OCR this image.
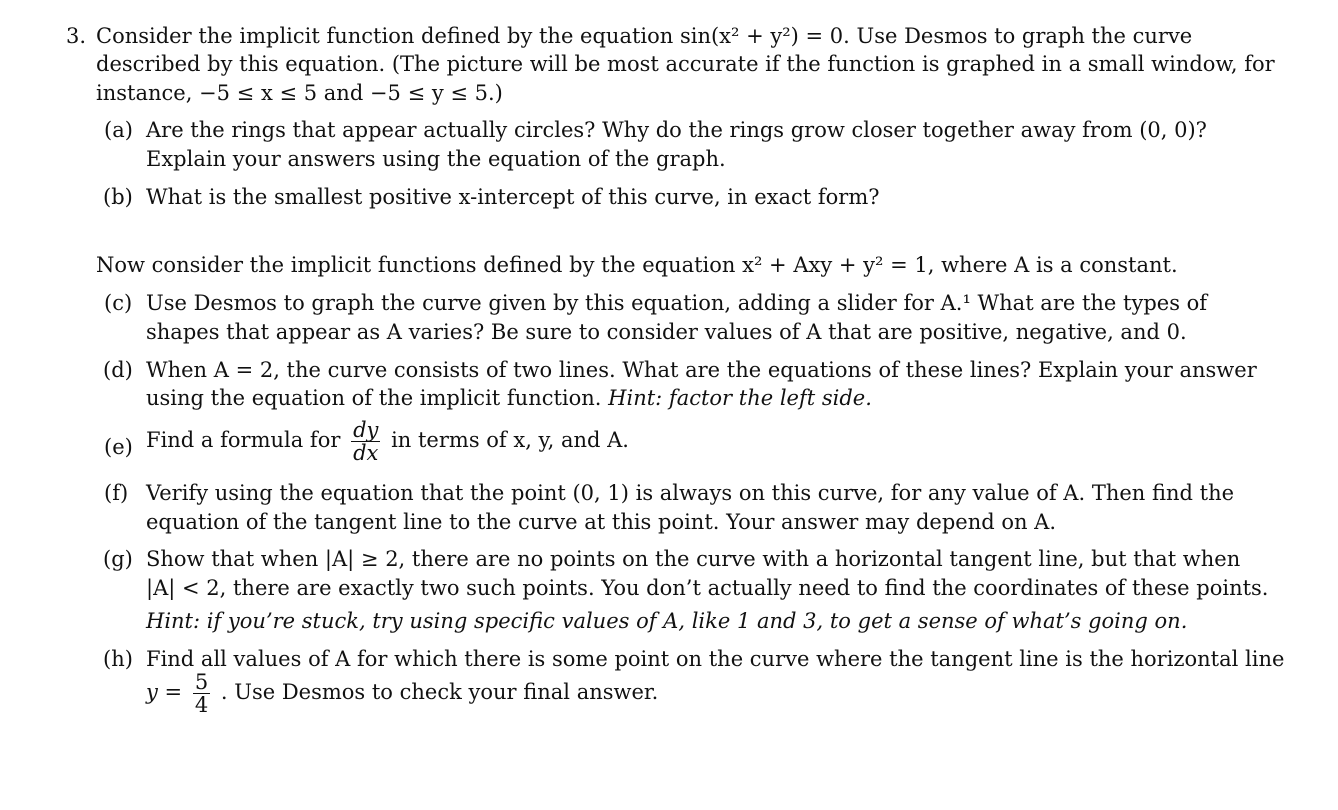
3. Consider the implicit function defined by the equation sin(x² + y²) = 0. Use Desmos to graph the curve
described by this equation. (The picture will be most accurate if the function is graphed in a small window, for
instance, −5 ≤ x ≤ 5 and −5 ≤ y ≤ 5.)
(a) Are the rings that appear actually circles? Why do the rings grow closer together away from (0, 0)?
Explain your answers using the equation of the graph.
(b) What is the smallest positive x-intercept of this curve, in exact form?
Now consider the implicit functions defined by the equation x² + Axy + y² = 1, where A is a constant.
(c) Use Desmos to graph the curve given by this equation, adding a slider for A.¹ What are the types of
shapes that appear as A varies? Be sure to consider values of A that are positive, negative, and 0.
(d) When A = 2, the curve consists of two lines. What are the equations of these lines? Explain your answer
using the equation of the implicit function. Hint: factor the left side.
(e) Find a formula for $\frac{dy}{dx}$ in terms of x, y, and A.
(f) Verify using the equation that the point (0, 1) is always on this curve, for any value of A. Then find the
equation of the tangent line to the curve at this point. Your answer may depend on A.
(g) Show that when |A| ≥ 2, there are no points on the curve with a horizontal tangent line, but that when
|A| < 2, there are exactly two such points. You don’t actually need to find the coordinates of these points.
Hint: if you’re stuck, try using specific values of A, like 1 and 3, to get a sense of what’s going on.
(h) Find all values of A for which there is some point on the curve where the tangent line is the horizontal line
$y = \frac{5}{4}$ . Use Desmos to check your final answer.
